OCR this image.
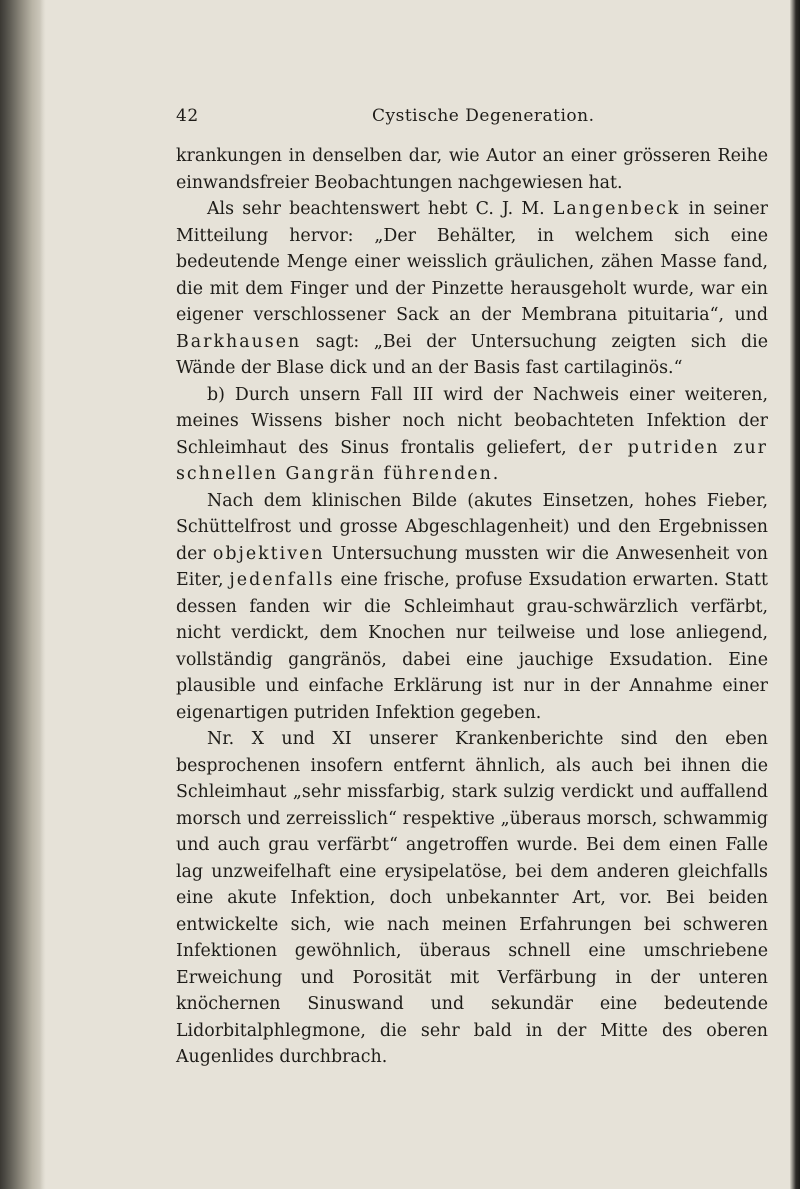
42	Cystische Degeneration.

krankungen in denselben dar, wie Autor an einer grösseren Reihe einwandsfreier Beobachtungen nachgewiesen hat.

Als sehr beachtenswert hebt C. J. M. Langenbeck in seiner Mitteilung hervor: „Der Behälter, in welchem sich eine bedeutende Menge einer weisslich gräulichen, zähen Masse fand, die mit dem Finger und der Pinzette herausgeholt wurde, war ein eigener verschlossener Sack an der Membrana pituitaria“, und Barkhausen sagt: „Bei der Untersuchung zeigten sich die Wände der Blase dick und an der Basis fast cartilaginös.“

b) Durch unsern Fall III wird der Nachweis einer weiteren, meines Wissens bisher noch nicht beobachteten Infektion der Schleimhaut des Sinus frontalis geliefert, der putriden zur schnellen Gangrän führenden.

Nach dem klinischen Bilde (akutes Einsetzen, hohes Fieber, Schüttelfrost und grosse Abgeschlagenheit) und den Ergebnissen der objektiven Untersuchung mussten wir die Anwesenheit von Eiter, jedenfalls eine frische, profuse Exsudation erwarten. Statt dessen fanden wir die Schleimhaut grau-schwärzlich verfärbt, nicht verdickt, dem Knochen nur teilweise und lose anliegend, vollständig gangränös, dabei eine jauchige Exsudation. Eine plausible und einfache Erklärung ist nur in der Annahme einer eigenartigen putriden Infektion gegeben.

Nr. X und XI unserer Krankenberichte sind den eben besprochenen insofern entfernt ähnlich, als auch bei ihnen die Schleimhaut „sehr missfarbig, stark sulzig verdickt und auffallend morsch und zerreisslich“ respektive „überaus morsch, schwammig und auch grau verfärbt“ angetroffen wurde. Bei dem einen Falle lag unzweifelhaft eine erysipelatöse, bei dem anderen gleichfalls eine akute Infektion, doch unbekannter Art, vor. Bei beiden entwickelte sich, wie nach meinen Erfahrungen bei schweren Infektionen gewöhnlich, überaus schnell eine umschriebene Erweichung und Porosität mit Verfärbung in der unteren knöchernen Sinuswand und sekundär eine bedeutende Lidorbitalphlegmone, die sehr bald in der Mitte des oberen Augenlides durchbrach.
